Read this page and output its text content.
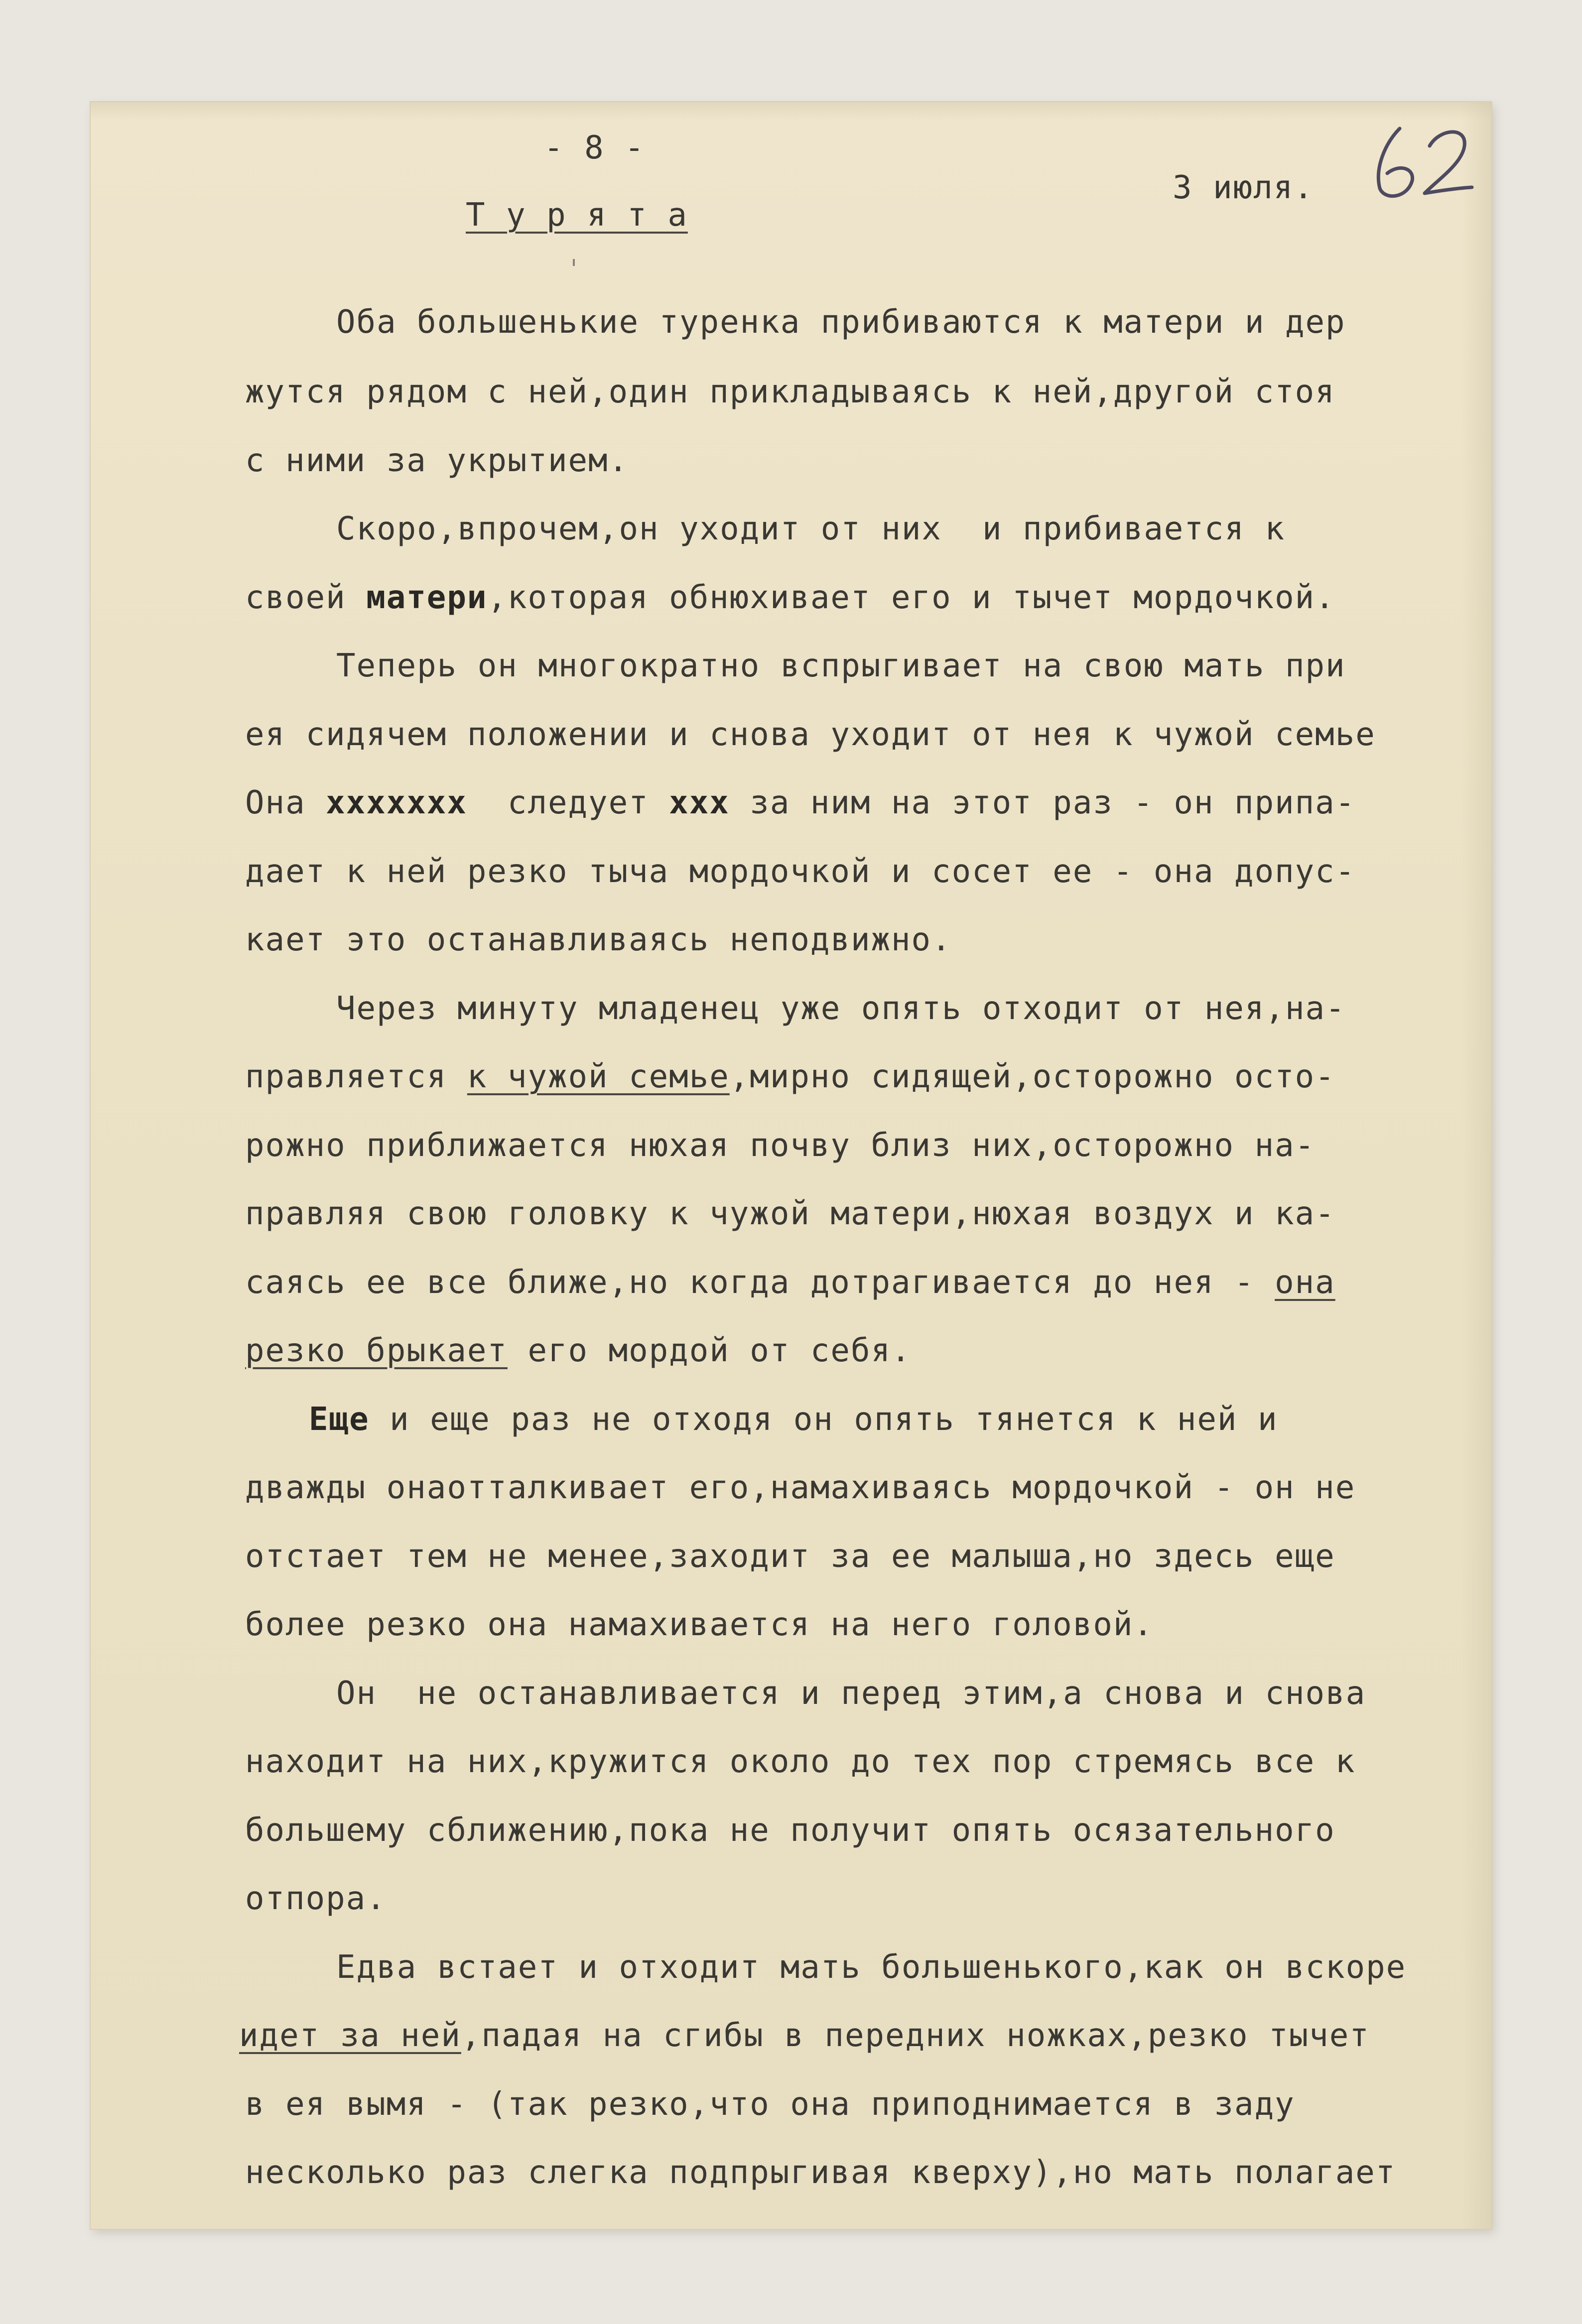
- 8 -
3 июля.
Т у р я т а
Оба большенькие туренка прибиваются к матери и дер
жутся рядом с ней,один прикладываясь к ней,другой стоя
с ними за укрытием.
Скоро,впрочем,он уходит от них  и прибивается к
своей матери,которая обнюхивает его и тычет мордочкой.
Теперь он многократно вспрыгивает на свою мать при
ея сидячем положении и снова уходит от нея к чужой семье
Она ххххххх  следует ххх за ним на этот раз - он припа-
дает к ней резко тыча мордочкой и сосет ее - она допус-
кает это останавливаясь неподвижно.
Через минуту младенец уже опять отходит от нея,на-
правляется к чужой семье,мирно сидящей,осторожно осто-
рожно приближается нюхая почву близ них,осторожно на-
правляя свою головку к чужой матери,нюхая воздух и ка-
саясь ее все ближе,но когда дотрагивается до нея - она
резко брыкает его мордой от себя.
Еще и еще раз не отходя он опять тянется к ней и
дважды онаотталкивает его,намахиваясь мордочкой - он не
отстает тем не менее,заходит за ее малыша,но здесь еще
более резко она намахивается на него головой.
Он  не останавливается и перед этим,а снова и снова
находит на них,кружится около до тех пор стремясь все к
большему сближению,пока не получит опять осязательного
отпора.
Едва встает и отходит мать большенького,как он вскоре
идет за ней,падая на сгибы в передних ножках,резко тычет
в ея вымя - (так резко,что она приподнимается в заду
несколько раз слегка подпрыгивая кверху),но мать полагает
